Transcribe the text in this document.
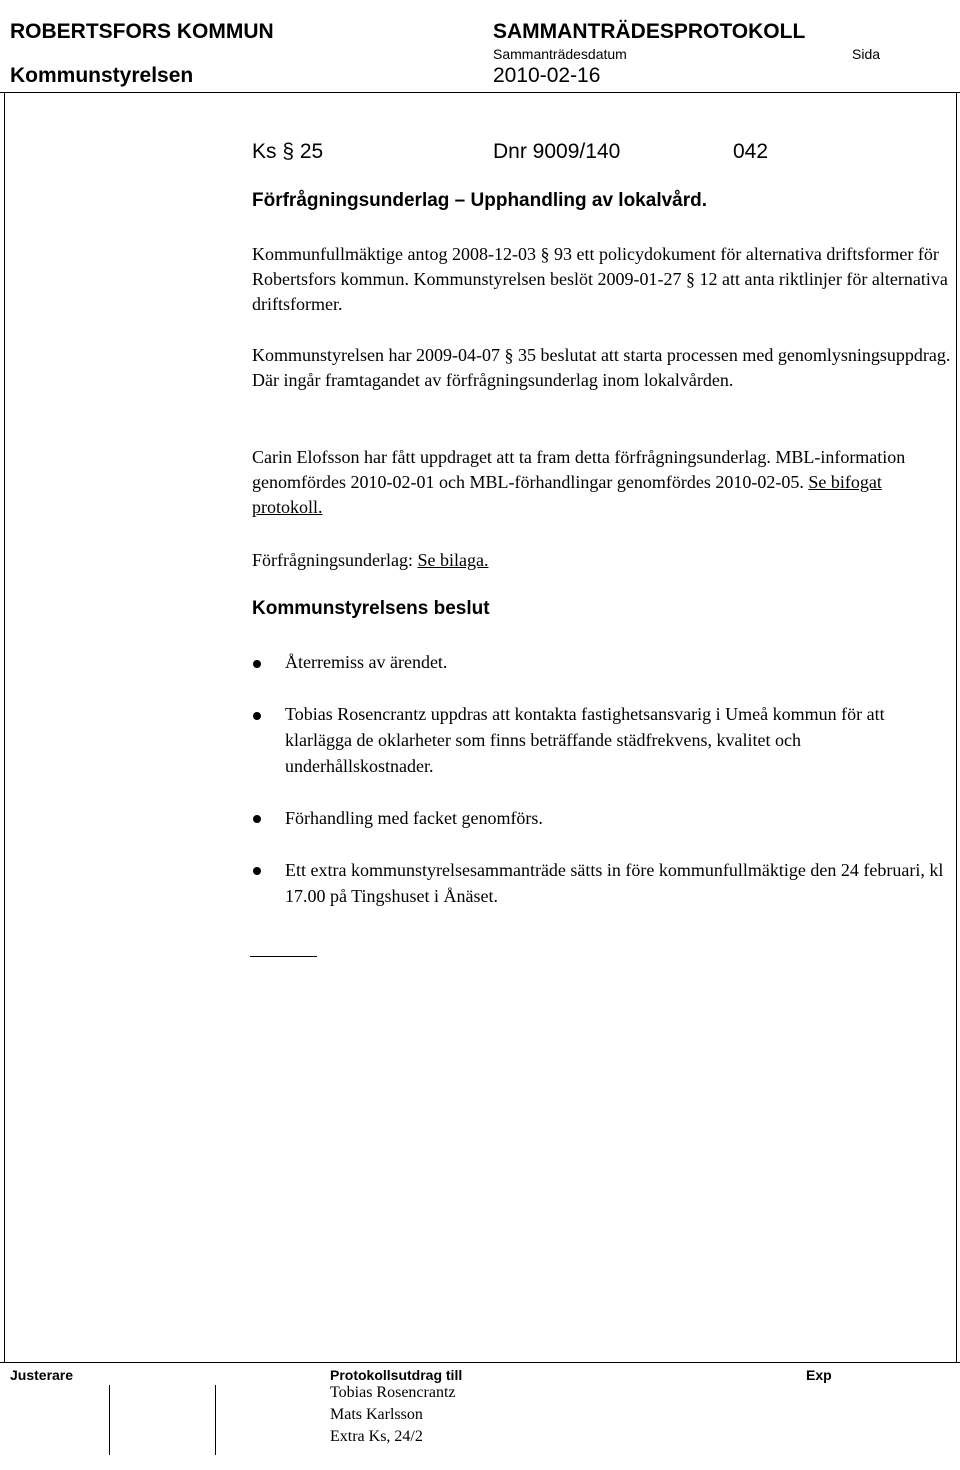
ROBERTSFORS KOMMUN	SAMMANTRÄDESPROTOKOLL
Sammanträdesdatum	Sida
Kommunstyrelsen	2010-02-16
Ks § 25	Dnr 9009/140	042
Förfrågningsunderlag – Upphandling av lokalvård.
Kommunfullmäktige antog 2008-12-03 § 93 ett policydokument för alternativa driftsformer för Robertsfors kommun. Kommunstyrelsen beslöt 2009-01-27 § 12 att anta riktlinjer för alternativa driftsformer.
Kommunstyrelsen har 2009-04-07 § 35 beslutat att starta processen med genomlysningsuppdrag. Där ingår framtagandet av förfrågningsunderlag inom lokalvården.
Carin Elofsson har fått uppdraget att ta fram detta förfrågningsunderlag. MBL-information genomfördes 2010-02-01 och MBL-förhandlingar genomfördes 2010-02-05. Se bifogat protokoll.
Förfrågningsunderlag: Se bilaga.
Kommunstyrelsens beslut
Återremiss av ärendet.
Tobias Rosencrantz uppdras att kontakta fastighetsansvarig i Umeå kommun för att klarlägga de oklarheter som finns beträffande städfrekvens, kvalitet och underhållskostnader.
Förhandling med facket genomförs.
Ett extra kommunstyrelsesammanträde sätts in före kommunfullmäktige den 24 februari, kl 17.00 på Tingshuset i Ånäset.
Justerare	Protokollsutdrag till	Exp
Tobias Rosencrantz
Mats Karlsson
Extra Ks, 24/2
